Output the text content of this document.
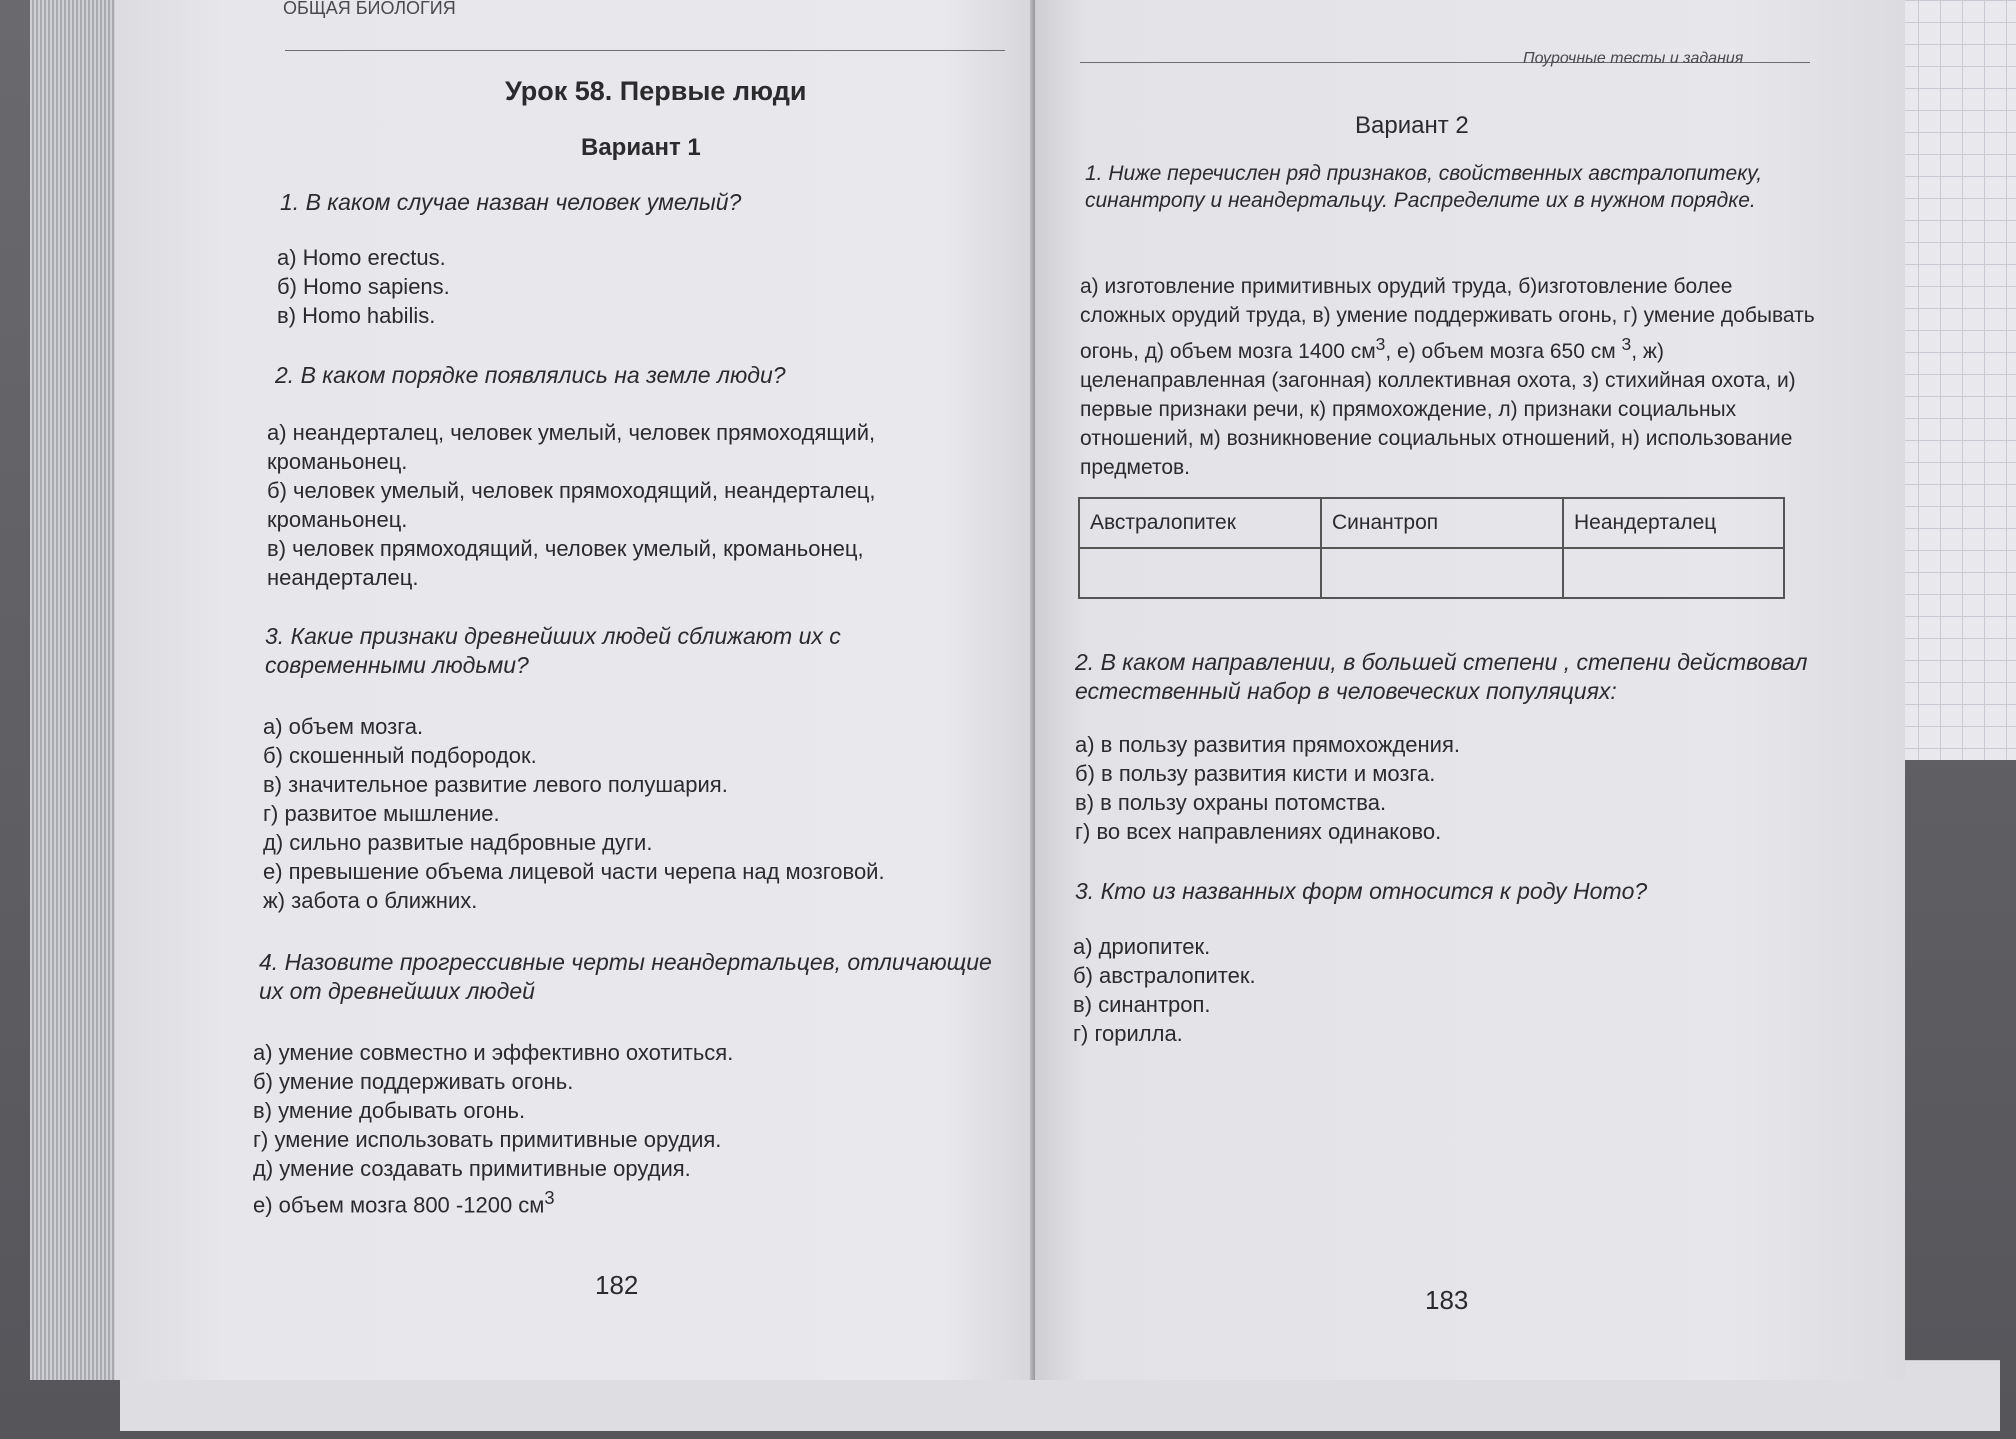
ОБЩАЯ БИОЛОГИЯ
Урок 58. Первые люди
Вариант 1
1. В каком случае назван человек умелый?
а) Homo erectus.
б) Homo sapiens.
в) Homo habilis.
2. В каком порядке появлялись на земле люди?
а) неандерталец, человек умелый, человек прямоходящий, кроманьонец.
б) человек умелый, человек прямоходящий, неандерталец, кроманьонец.
в) человек прямоходящий, человек умелый, кроманьонец, неандерталец.
3. Какие признаки древнейших людей сближают их с современными людьми?
а) объем мозга.
б) скошенный подбородок.
в) значительное развитие левого полушария.
г) развитое мышление.
д) сильно развитые надбровные дуги.
е) превышение объема лицевой части черепа над мозговой.
ж) забота о ближних.
4. Назовите прогрессивные черты неандертальцев, отличающие их от древнейших людей
а) умение совместно и эффективно охотиться.
б) умение поддерживать огонь.
в) умение добывать огонь.
г) умение использовать примитивные орудия.
д) умение создавать примитивные орудия.
е) объем мозга 800 -1200 $см^3$
182
Поурочные тесты и задания
Вариант 2
1. Ниже перечислен ряд признаков, свойственных австралопитеку, синантропу и неандертальцу. Распределите их в нужном порядке.
а) изготовление примитивных орудий труда, б)изготовление более сложных орудий труда, в) умение поддерживать огонь, г) умение добывать огонь, д) объем мозга 1400 $см^3$, е) объем мозга 650 см $^3$, ж) целенаправленная (загонная) коллективная охота, з) стихийная охота, и) первые признаки речи, к) прямохождение, л) признаки социальных отношений, м) возникновение социальных отношений, н) использование предметов.
Австралопитек	Синантроп	Неандерталец

2. В каком направлении, в большей степени , степени действовал естественный набор в человеческих популяциях:
а) в пользу развития прямохождения.
б) в пользу развития кисти и мозга.
в) в пользу охраны потомства.
г) во всех направлениях одинаково.
3. Кто из названных форм относится к роду Homo?
а) дриопитек.
б) австралопитек.
в) синантроп.
г) горилла.
183
